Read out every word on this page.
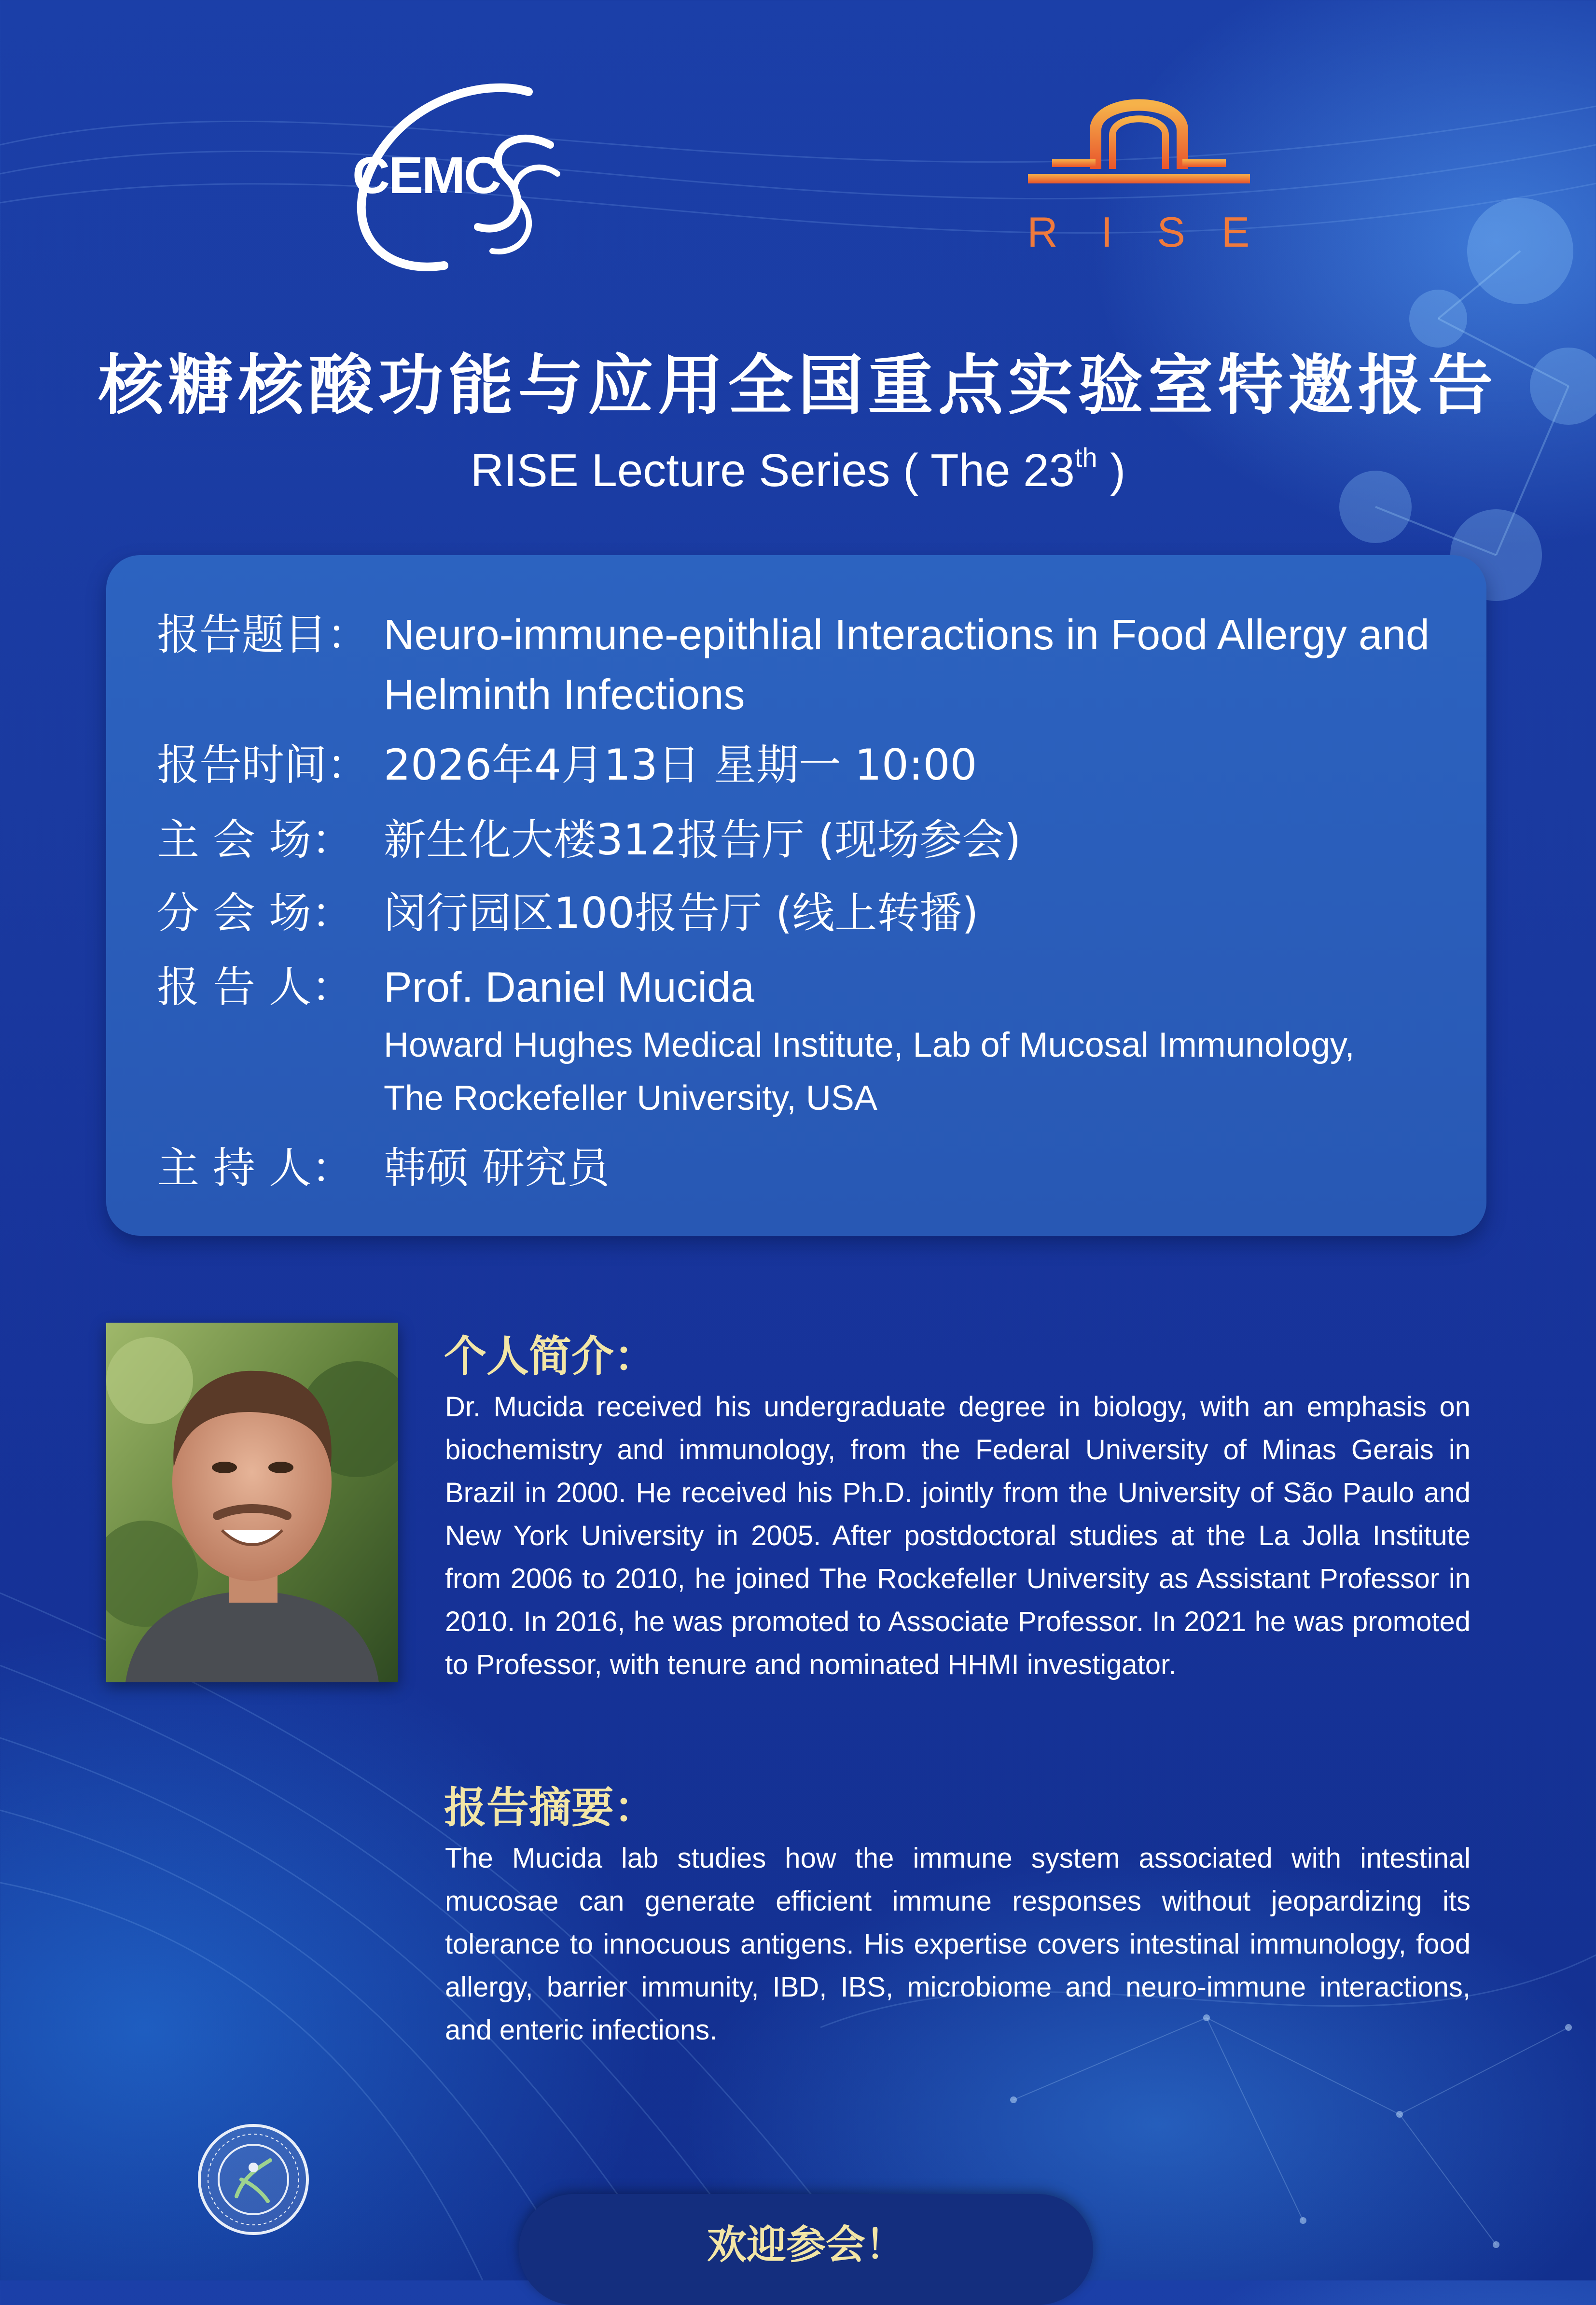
CEMC
R	I	S E
核糖核酸功能与应用全国重点实验室特邀报告
RISE Lecture Series ( The 23th )
报告题目： Neuro-immune-epithlial Interactions in Food Allergy and Helminth Infections
报告时间： 2026年4月13日 星期一 10:00
主 会 场： 新生化大楼312报告厅 (现场参会)
分 会 场： 闵行园区100报告厅 (线上转播)
报 告 人： Prof. Daniel Mucida
Howard Hughes Medical Institute, Lab of Mucosal Immunology,
The Rockefeller University, USA
主 持 人： 韩硕 研究员
个人简介：
Dr. Mucida received his undergraduate degree in biology, with an emphasis on biochemistry and immunology, from the Federal University of Minas Gerais in Brazil in 2000. He received his Ph.D. jointly from the University of São Paulo and New York University in 2005. After postdoctoral studies at the La Jolla Institute from 2006 to 2010, he joined The Rockefeller University as Assistant Professor in 2010. In 2016, he was promoted to Associate Professor. In 2021 he was promoted to Professor, with tenure and nominated HHMI investigator.
报告摘要：
The Mucida lab studies how the immune system associated with intestinal mucosae can generate efficient immune responses without jeopardizing its tolerance to innocuous antigens. His expertise covers intestinal immunology, food allergy, barrier immunity, IBD, IBS, microbiome and neuro-immune interactions, and enteric infections.
欢迎参会！
